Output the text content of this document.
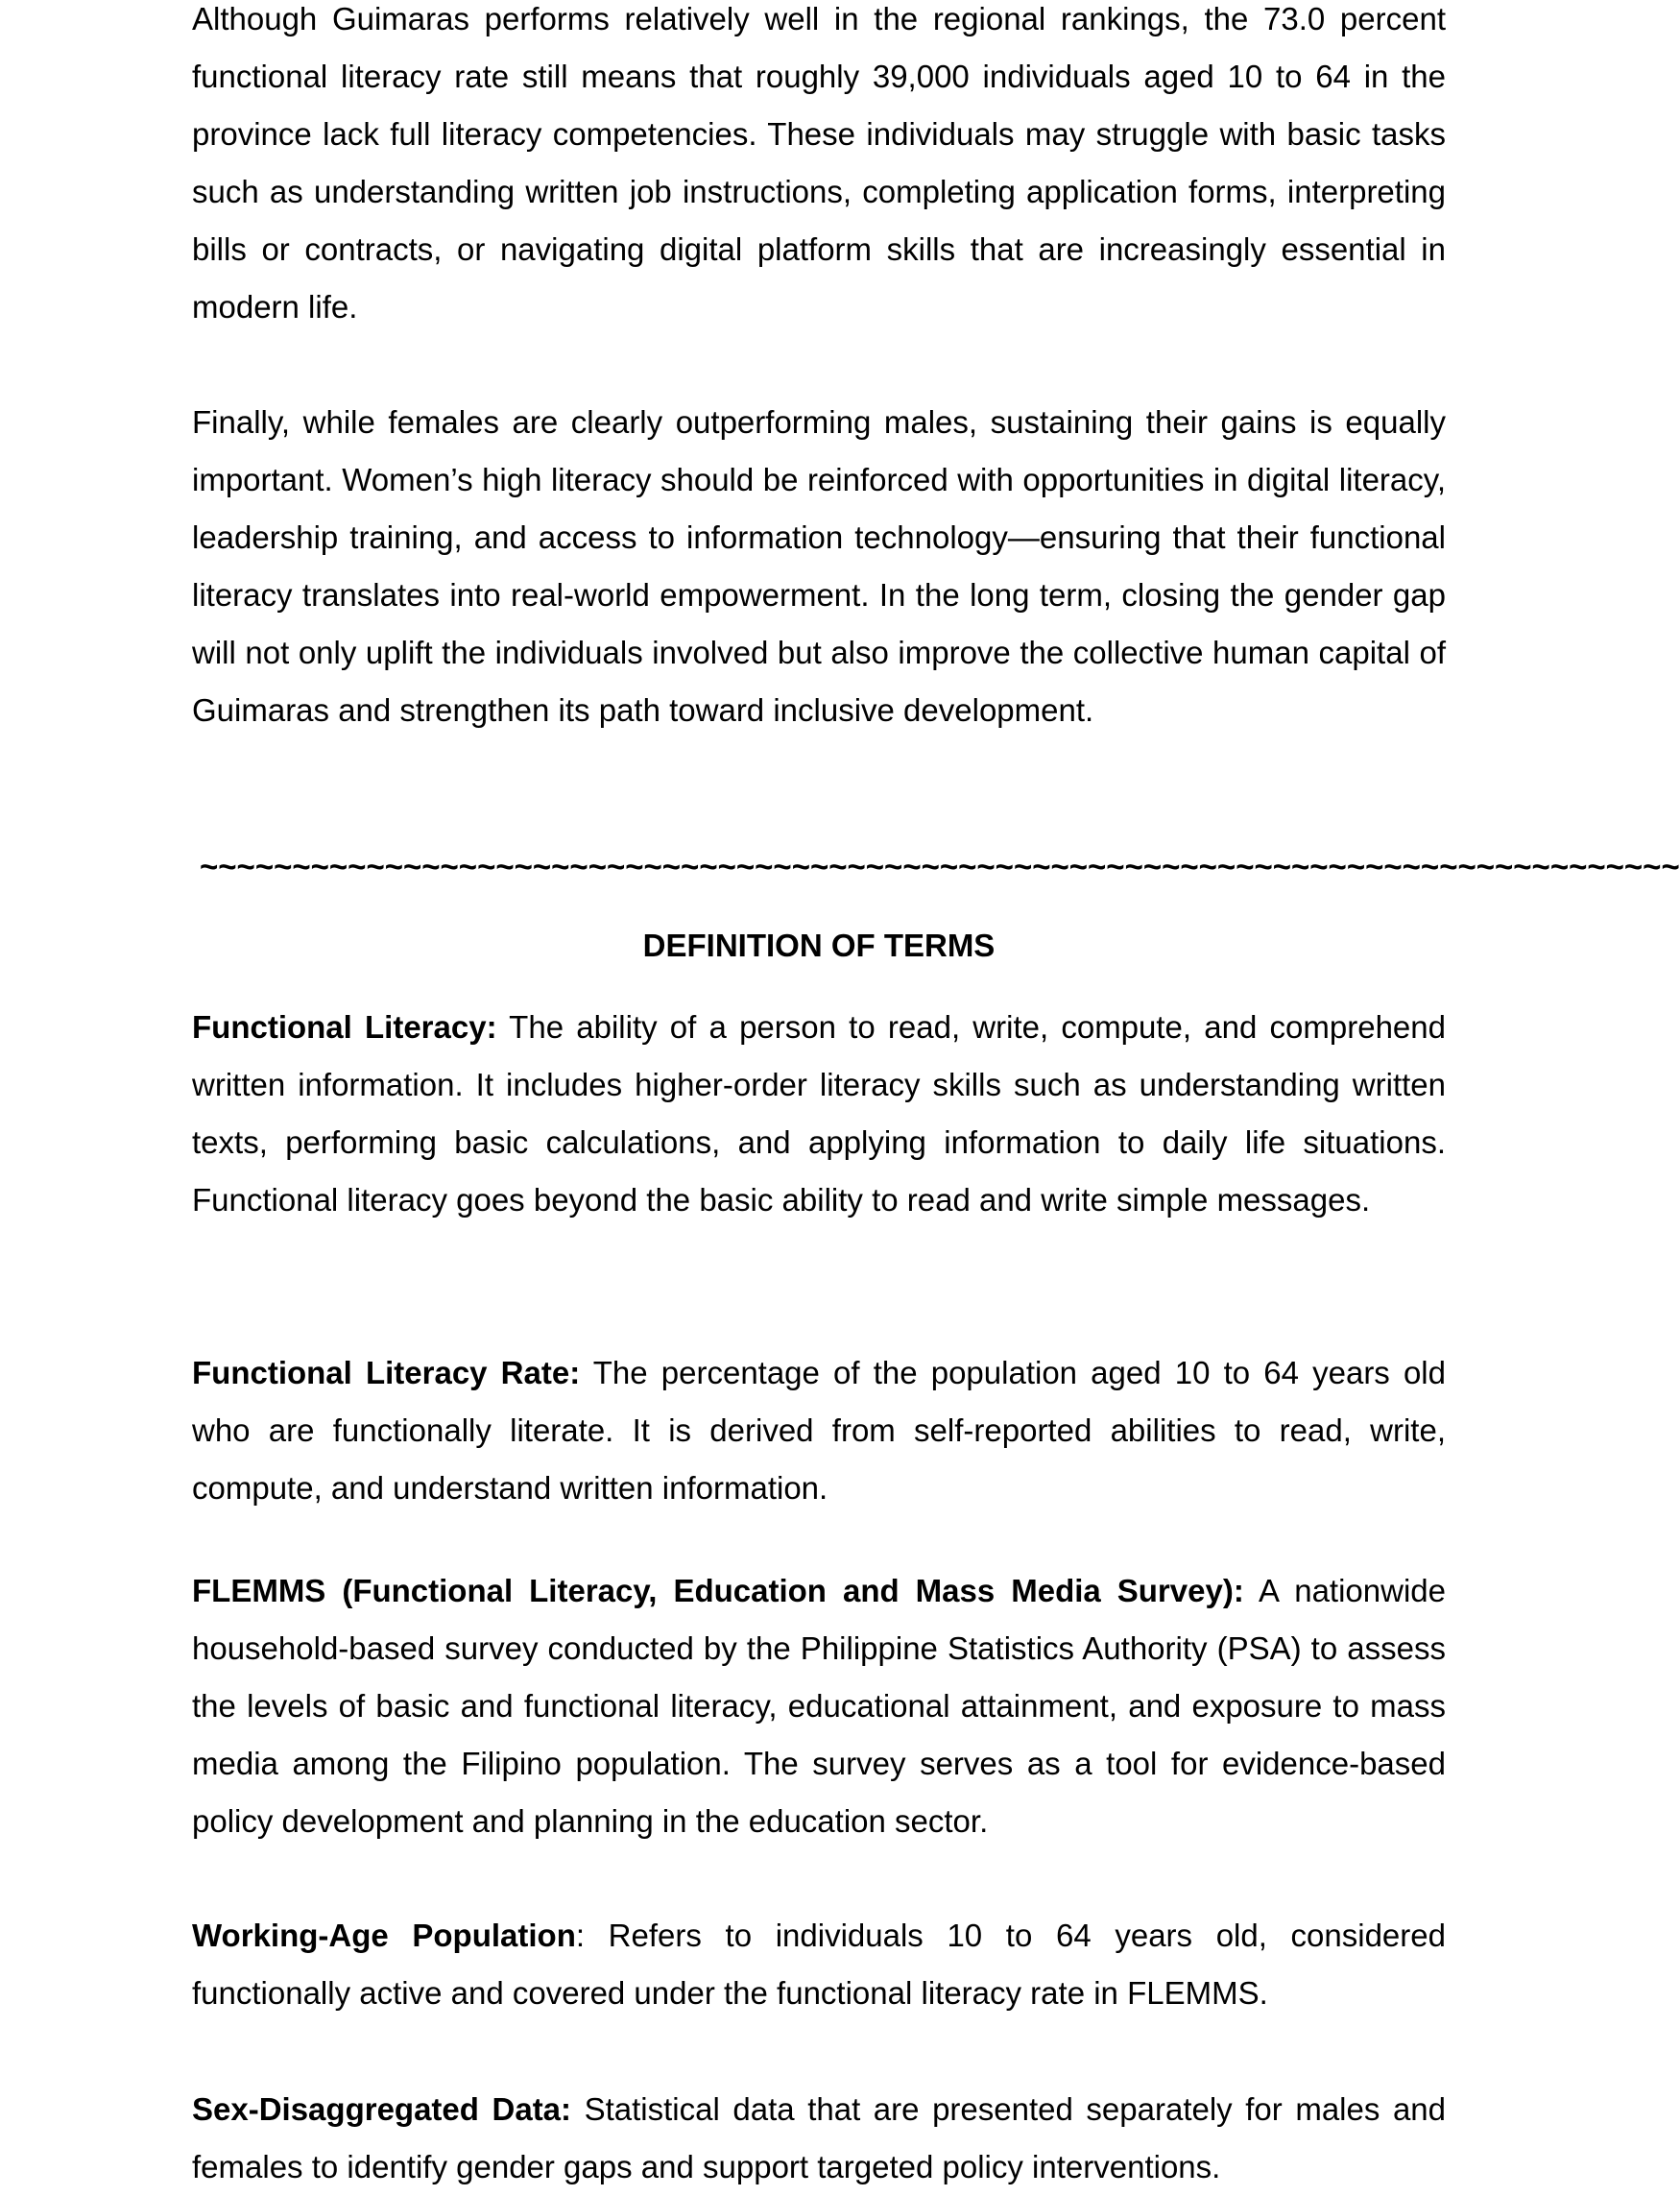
Although Guimaras performs relatively well in the regional rankings, the 73.0 percent functional literacy rate still means that roughly 39,000 individuals aged 10 to 64 in the province lack full literacy competencies. These individuals may struggle with basic tasks such as understanding written job instructions, completing application forms, interpreting bills or contracts, or navigating digital platform skills that are increasingly essential in modern life.

Finally, while females are clearly outperforming males, sustaining their gains is equally important. Women’s high literacy should be reinforced with opportunities in digital literacy, leadership training, and access to information technology—ensuring that their functional literacy translates into real-world empowerment. In the long term, closing the gender gap will not only uplift the individuals involved but also improve the collective human capital of Guimaras and strengthen its path toward inclusive development.

~~~~~~~~~~~~~~~~~~~~~~~~~~~~~~~~~~~~~~~~~~~~~~~~~~~~~~~~~~~~~~~~~~~~~~~~~~~~~~~~
DEFINITION OF TERMS

Functional Literacy: The ability of a person to read, write, compute, and comprehend written information. It includes higher-order literacy skills such as understanding written texts, performing basic calculations, and applying information to daily life situations. Functional literacy goes beyond the basic ability to read and write simple messages.

Functional Literacy Rate: The percentage of the population aged 10 to 64 years old who are functionally literate. It is derived from self-reported abilities to read, write, compute, and understand written information.

FLEMMS (Functional Literacy, Education and Mass Media Survey): A nationwide household-based survey conducted by the Philippine Statistics Authority (PSA) to assess the levels of basic and functional literacy, educational attainment, and exposure to mass media among the Filipino population. The survey serves as a tool for evidence-based policy development and planning in the education sector.

Working-Age Population: Refers to individuals 10 to 64 years old, considered functionally active and covered under the functional literacy rate in FLEMMS.

Sex-Disaggregated Data: Statistical data that are presented separately for males and females to identify gender gaps and support targeted policy interventions.
